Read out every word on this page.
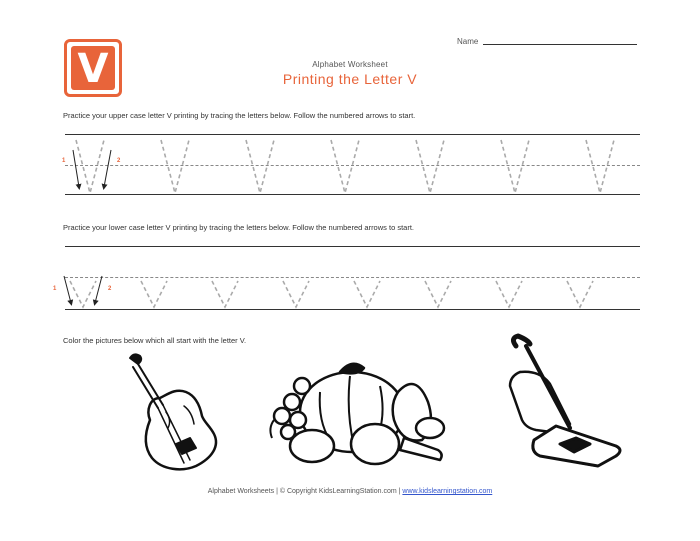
V
Name
Alphabet Worksheet
Printing the Letter V
Practice your upper case letter V printing by tracing the letters below. Follow the numbered arrows to start.
Practice your lower case letter V printing by tracing the letters below. Follow the numbered arrows to start.
Color the pictures below which all start with the letter V.
1	2
1	2
Alphabet Worksheets | © Copyright KidsLearningStation.com | www.kidslearningstation.com
